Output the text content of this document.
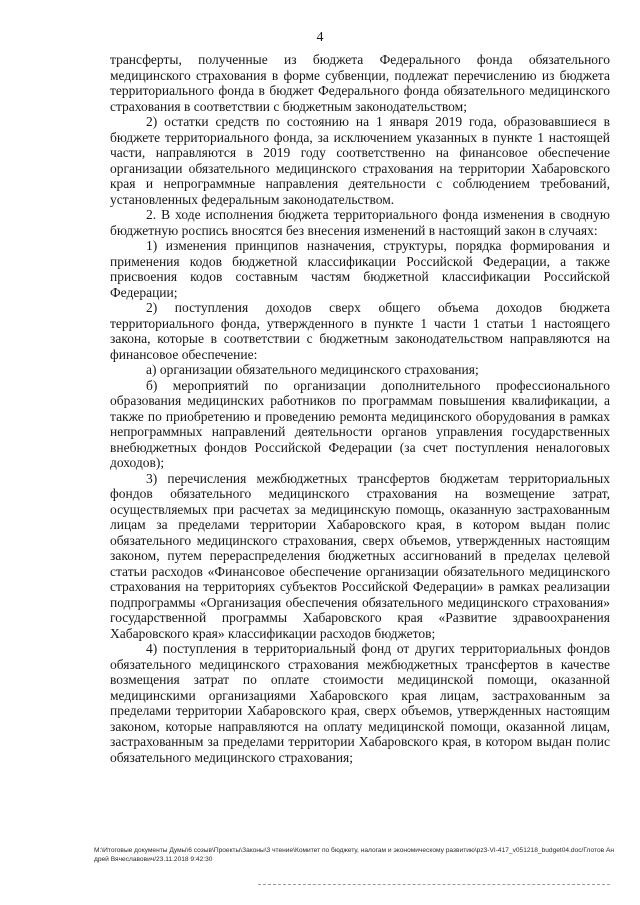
4

трансферты, полученные из бюджета Федерального фонда обязательного медицинского страхования в форме субвенции, подлежат перечислению из бюджета территориального фонда в бюджет Федерального фонда обязательного медицинского страхования в соответствии с бюджетным законодательством;

2) остатки средств по состоянию на 1 января 2019 года, образовавшиеся в бюджете территориального фонда, за исключением указанных в пункте 1 настоящей части, направляются в 2019 году соответственно на финансовое обеспечение организации обязательного медицинского страхования на территории Хабаровского края и непрограммные направления деятельности с соблюдением требований, установленных федеральным законодательством.

2. В ходе исполнения бюджета территориального фонда изменения в сводную бюджетную роспись вносятся без внесения изменений в настоящий закон в случаях:

1) изменения принципов назначения, структуры, порядка формирования и применения кодов бюджетной классификации Российской Федерации, а также присвоения кодов составным частям бюджетной классификации Российской Федерации;

2) поступления доходов сверх общего объема доходов бюджета территориального фонда, утвержденного в пункте 1 части 1 статьи 1 настоящего закона, которые в соответствии с бюджетным законодательством направляются на финансовое обеспечение:

а) организации обязательного медицинского страхования;

б) мероприятий по организации дополнительного профессионального образования медицинских работников по программам повышения квалификации, а также по приобретению и проведению ремонта медицинского оборудования в рамках непрограммных направлений деятельности органов управления государственных внебюджетных фондов Российской Федерации (за счет поступления неналоговых доходов);

3) перечисления межбюджетных трансфертов бюджетам территориальных фондов обязательного медицинского страхования на возмещение затрат, осуществляемых при расчетах за медицинскую помощь, оказанную застрахованным лицам за пределами территории Хабаровского края, в котором выдан полис обязательного медицинского страхования, сверх объемов, утвержденных настоящим законом, путем перераспределения бюджетных ассигнований в пределах целевой статьи расходов «Финансовое обеспечение организации обязательного медицинского страхования на территориях субъектов Российской Федерации» в рамках реализации подпрограммы «Организация обеспечения обязательного медицинского страхования» государственной программы Хабаровского края «Развитие здравоохранения Хабаровского края» классификации расходов бюджетов;

4) поступления в территориальный фонд от других территориальных фондов обязательного медицинского страхования межбюджетных трансфертов в качестве возмещения затрат по оплате стоимости медицинской помощи, оказанной медицинскими организациями Хабаровского края лицам, застрахованным за пределами территории Хабаровского края, сверх объемов, утвержденных настоящим законом, которые направляются на оплату медицинской помощи, оказанной лицам, застрахованным за пределами территории Хабаровского края, в котором выдан полис обязательного медицинского страхования;

M:\Итоговые документы Думы\6 созыв\Проекты\Законы\3 чтение\Комитет по бюджету, налогам и экономическому развитию\pz3-VI-417_v051218_budget04.doc/Глотов Андрей Вячеславович/23.11.2018 9:42:30
